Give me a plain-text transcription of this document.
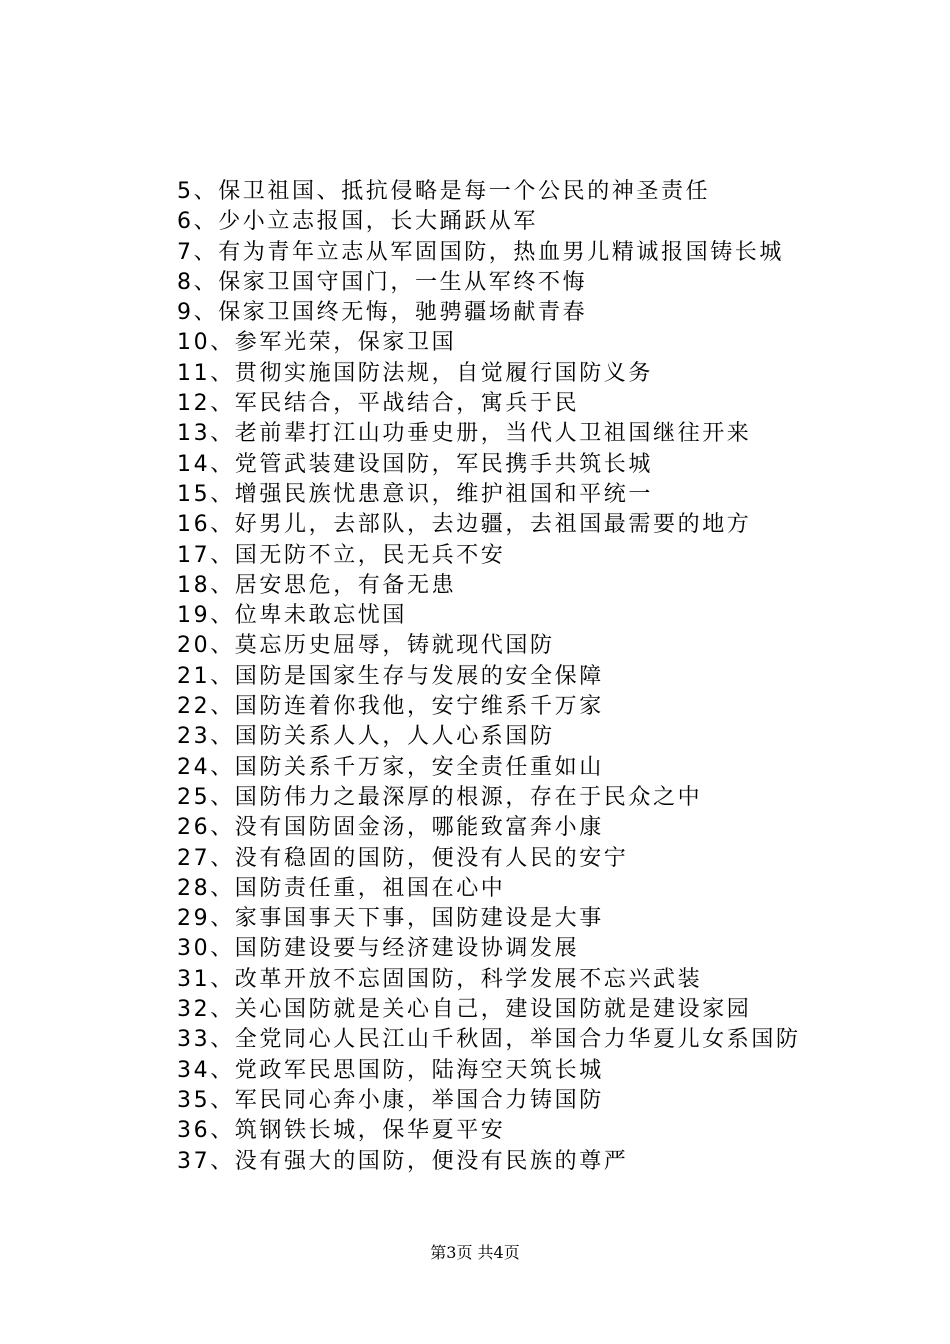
5、保卫祖国、抵抗侵略是每一个公民的神圣责任
6、少小立志报国，长大踊跃从军
7、有为青年立志从军固国防，热血男儿精诚报国铸长城
8、保家卫国守国门，一生从军终不悔
9、保家卫国终无悔，驰骋疆场献青春
10、参军光荣，保家卫国
11、贯彻实施国防法规，自觉履行国防义务
12、军民结合，平战结合，寓兵于民
13、老前辈打江山功垂史册，当代人卫祖国继往开来
14、党管武装建设国防，军民携手共筑长城
15、增强民族忧患意识，维护祖国和平统一
16、好男儿，去部队，去边疆，去祖国最需要的地方
17、国无防不立，民无兵不安
18、居安思危，有备无患
19、位卑未敢忘忧国
20、莫忘历史屈辱，铸就现代国防
21、国防是国家生存与发展的安全保障
22、国防连着你我他，安宁维系千万家
23、国防关系人人，人人心系国防
24、国防关系千万家，安全责任重如山
25、国防伟力之最深厚的根源，存在于民众之中
26、没有国防固金汤，哪能致富奔小康
27、没有稳固的国防，便没有人民的安宁
28、国防责任重，祖国在心中
29、家事国事天下事，国防建设是大事
30、国防建设要与经济建设协调发展
31、改革开放不忘固国防，科学发展不忘兴武装
32、关心国防就是关心自己，建设国防就是建设家园
33、全党同心人民江山千秋固，举国合力华夏儿女系国防
34、党政军民思国防，陆海空天筑长城
35、军民同心奔小康，举国合力铸国防
36、筑钢铁长城，保华夏平安
37、没有强大的国防，便没有民族的尊严
第3页 共4页
